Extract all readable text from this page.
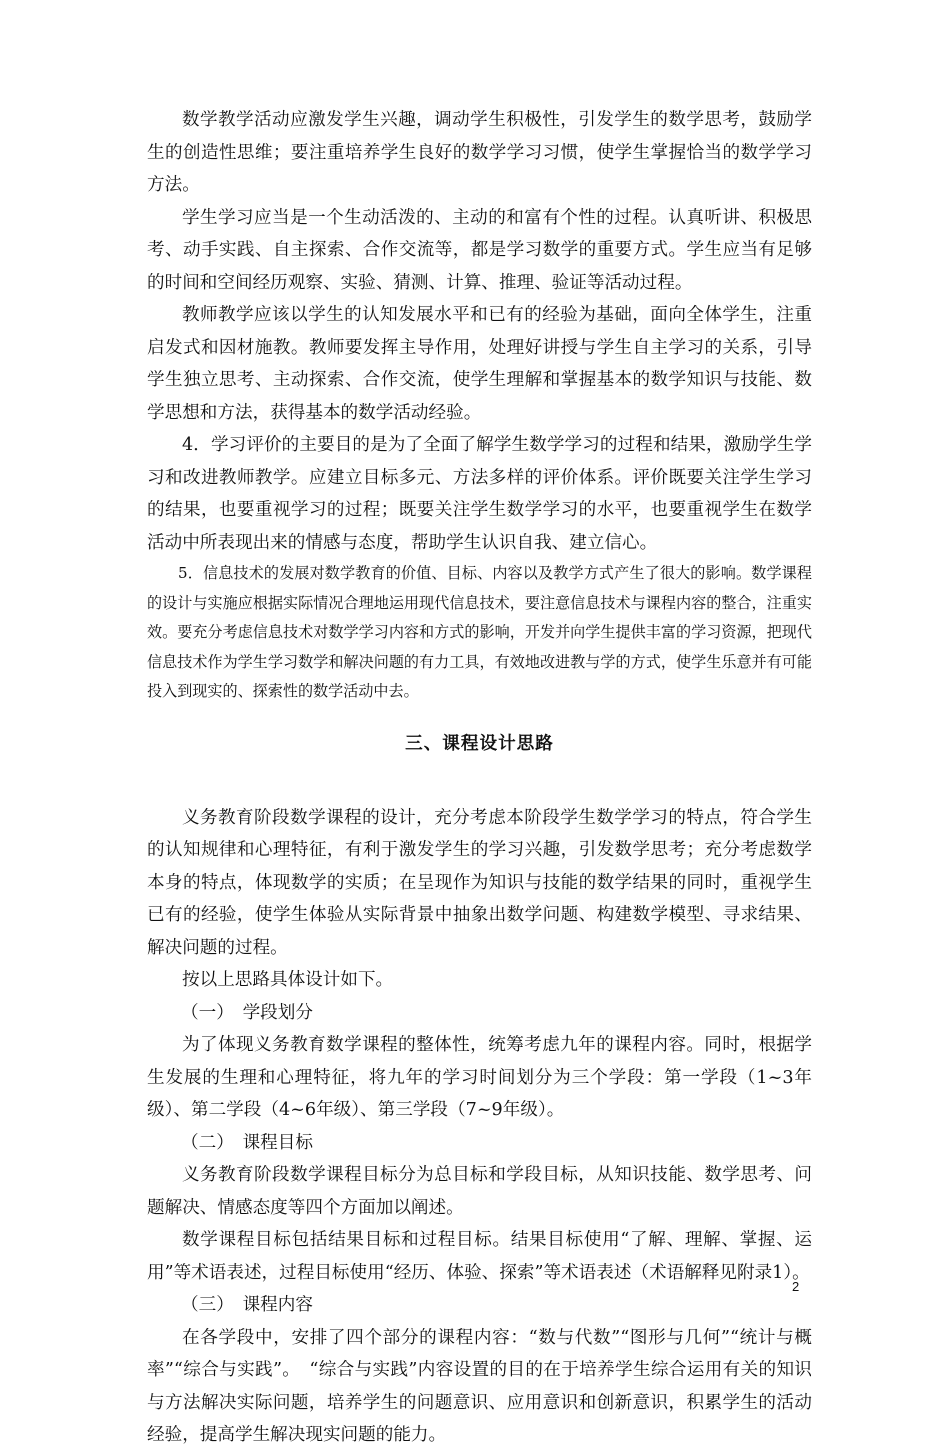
数学教学活动应激发学生兴趣，调动学生积极性，引发学生的数学思考，鼓励学生的创造性思维；要注重培养学生良好的数学学习习惯，使学生掌握恰当的数学学习方法。

学生学习应当是一个生动活泼的、主动的和富有个性的过程。认真听讲、积极思考、动手实践、自主探索、合作交流等，都是学习数学的重要方式。学生应当有足够的时间和空间经历观察、实验、猜测、计算、推理、验证等活动过程。

教师教学应该以学生的认知发展水平和已有的经验为基础，面向全体学生，注重启发式和因材施教。教师要发挥主导作用，处理好讲授与学生自主学习的关系，引导学生独立思考、主动探索、合作交流，使学生理解和掌握基本的数学知识与技能、数学思想和方法，获得基本的数学活动经验。

4．学习评价的主要目的是为了全面了解学生数学学习的过程和结果，激励学生学习和改进教师教学。应建立目标多元、方法多样的评价体系。评价既要关注学生学习的结果，也要重视学习的过程；既要关注学生数学学习的水平，也要重视学生在数学活动中所表现出来的情感与态度，帮助学生认识自我、建立信心。

5．信息技术的发展对数学教育的价值、目标、内容以及教学方式产生了很大的影响。数学课程的设计与实施应根据实际情况合理地运用现代信息技术，要注意信息技术与课程内容的整合，注重实效。要充分考虑信息技术对数学学习内容和方式的影响，开发并向学生提供丰富的学习资源，把现代信息技术作为学生学习数学和解决问题的有力工具，有效地改进教与学的方式，使学生乐意并有可能投入到现实的、探索性的数学活动中去。

三、课程设计思路

义务教育阶段数学课程的设计，充分考虑本阶段学生数学学习的特点，符合学生的认知规律和心理特征，有利于激发学生的学习兴趣，引发数学思考；充分考虑数学本身的特点，体现数学的实质；在呈现作为知识与技能的数学结果的同时，重视学生已有的经验，使学生体验从实际背景中抽象出数学问题、构建数学模型、寻求结果、解决问题的过程。

按以上思路具体设计如下。

（一）　学段划分

为了体现义务教育数学课程的整体性，统筹考虑九年的课程内容。同时，根据学生发展的生理和心理特征，将九年的学习时间划分为三个学段：第一学段（1~3年级）、第二学段（4~6年级）、第三学段（7~9年级）。

（二）　课程目标

义务教育阶段数学课程目标分为总目标和学段目标，从知识技能、数学思考、问题解决、情感态度等四个方面加以阐述。

数学课程目标包括结果目标和过程目标。结果目标使用“了解、理解、掌握、运用”等术语表述，过程目标使用“经历、体验、探索”等术语表述（术语解释见附录1）。

（三）　课程内容

在各学段中，安排了四个部分的课程内容：“数与代数”“图形与几何”“统计与概率”“综合与实践”。　“综合与实践”内容设置的目的在于培养学生综合运用有关的知识与方法解决实际问题，培养学生的问题意识、应用意识和创新意识，积累学生的活动经验，提高学生解决现实问题的能力。

2
